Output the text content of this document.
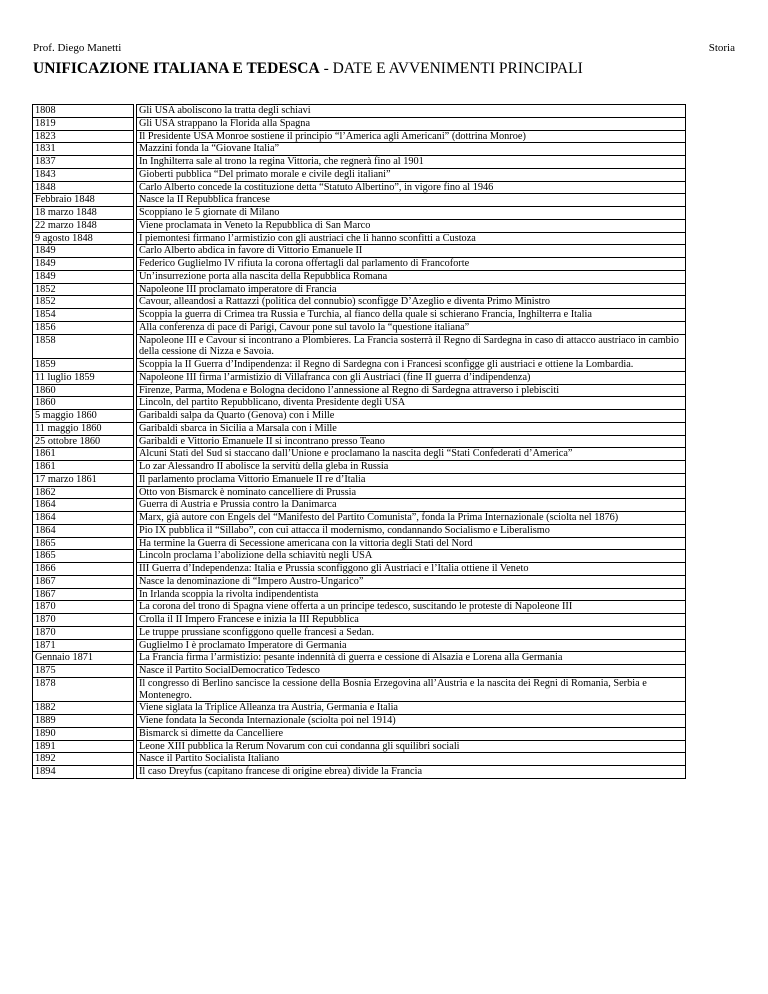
Prof. Diego Manetti	Storia
UNIFICAZIONE ITALIANA E TEDESCA - DATE E AVVENIMENTI PRINCIPALI
1808		Gli USA aboliscono la tratta degli schiavi
1819		Gli USA strappano la Florida alla Spagna
1823		Il Presidente USA Monroe sostiene il principio “l’America agli Americani” (dottrina Monroe)
1831		Mazzini fonda la “Giovane Italia”
1837		In Inghilterra sale al trono la regina Vittoria, che regnerà fino al 1901
1843		Gioberti pubblica “Del primato morale e civile degli italiani”
1848		Carlo Alberto concede la costituzione detta “Statuto Albertino”, in vigore fino al 1946
Febbraio 1848		Nasce la II Repubblica francese
18 marzo 1848		Scoppiano le 5 giornate di Milano
22 marzo 1848		Viene proclamata in Veneto la Repubblica di San Marco
9 agosto 1848		I piemontesi firmano l’armistizio con gli austriaci che li hanno sconfitti a Custoza
1849		Carlo Alberto abdica in favore di Vittorio Emanuele II
1849		Federico Guglielmo IV rifiuta la corona offertagli dal parlamento di Francoforte
1849		Un’insurrezione porta alla nascita della Repubblica Romana
1852		Napoleone III proclamato imperatore di Francia
1852		Cavour, alleandosi a Rattazzi (politica del connubio) sconfigge D’Azeglio e diventa Primo Ministro
1854		Scoppia la guerra di Crimea tra Russia e Turchia, al fianco della quale si schierano Francia, Inghilterra e Italia
1856		Alla conferenza di pace di Parigi, Cavour pone sul tavolo la “questione italiana”
1858		Napoleone III e Cavour si incontrano a Plombieres. La Francia sosterrà il Regno di Sardegna in caso di attacco austriaco in cambio della cessione di Nizza e Savoia.
1859		Scoppia la II Guerra d’Indipendenza: il Regno di Sardegna con i Francesi sconfigge gli austriaci e ottiene la Lombardia.
11 luglio 1859		Napoleone III firma l’armistizio di Villafranca con gli Austriaci (fine II guerra d’indipendenza)
1860		Firenze, Parma, Modena e Bologna decidono l’annessione al Regno di Sardegna attraverso i plebisciti
1860		Lincoln, del partito Repubblicano, diventa Presidente degli USA
5 maggio 1860		Garibaldi salpa da Quarto (Genova) con i Mille
11 maggio 1860		Garibaldi sbarca in Sicilia a Marsala con i Mille
25 ottobre 1860		Garibaldi e Vittorio Emanuele II si incontrano presso Teano
1861		Alcuni Stati del Sud si staccano dall’Unione e proclamano la nascita degli “Stati Confederati d’America”
1861		Lo zar Alessandro II abolisce la servitù della gleba in Russia
17 marzo 1861		Il parlamento proclama Vittorio Emanuele II re d’Italia
1862		Otto von Bismarck è nominato cancelliere di Prussia
1864		Guerra di Austria e Prussia contro la Danimarca
1864		Marx, già autore con Engels del “Manifesto del Partito Comunista”, fonda la Prima Internazionale (sciolta nel 1876)
1864		Pio IX pubblica il “Sillabo”, con cui attacca il modernismo, condannando Socialismo e Liberalismo
1865		Ha termine la Guerra di Secessione americana con la vittoria degli Stati del Nord
1865		Lincoln proclama l’abolizione della schiavitù negli USA
1866		III Guerra d’Independenza: Italia e Prussia sconfiggono gli Austriaci e l’Italia ottiene il Veneto
1867		Nasce la denominazione di “Impero Austro-Ungarico”
1867		In Irlanda scoppia la rivolta indipendentista
1870		La corona del trono di Spagna viene offerta a un principe tedesco, suscitando le proteste di Napoleone III
1870		Crolla il II Impero Francese e inizia la III Repubblica
1870		Le truppe prussiane sconfiggono quelle francesi a Sedan.
1871		Guglielmo I è proclamato Imperatore di Germania
Gennaio 1871		La Francia firma l’armistizio: pesante indennità di guerra e cessione di Alsazia e Lorena alla Germania
1875		Nasce il Partito SocialDemocratico Tedesco
1878		Il congresso di Berlino sancisce la cessione della Bosnia Erzegovina all’Austria e la nascita dei Regni di Romania, Serbia e Montenegro.
1882		Viene siglata la Triplice Alleanza tra Austria, Germania e Italia
1889		Viene fondata la Seconda Internazionale (sciolta poi nel 1914)
1890		Bismarck si dimette da Cancelliere
1891		Leone XIII pubblica la Rerum Novarum con cui condanna gli squilibri sociali
1892		Nasce il Partito Socialista Italiano
1894		Il caso Dreyfus (capitano francese di origine ebrea) divide la Francia
